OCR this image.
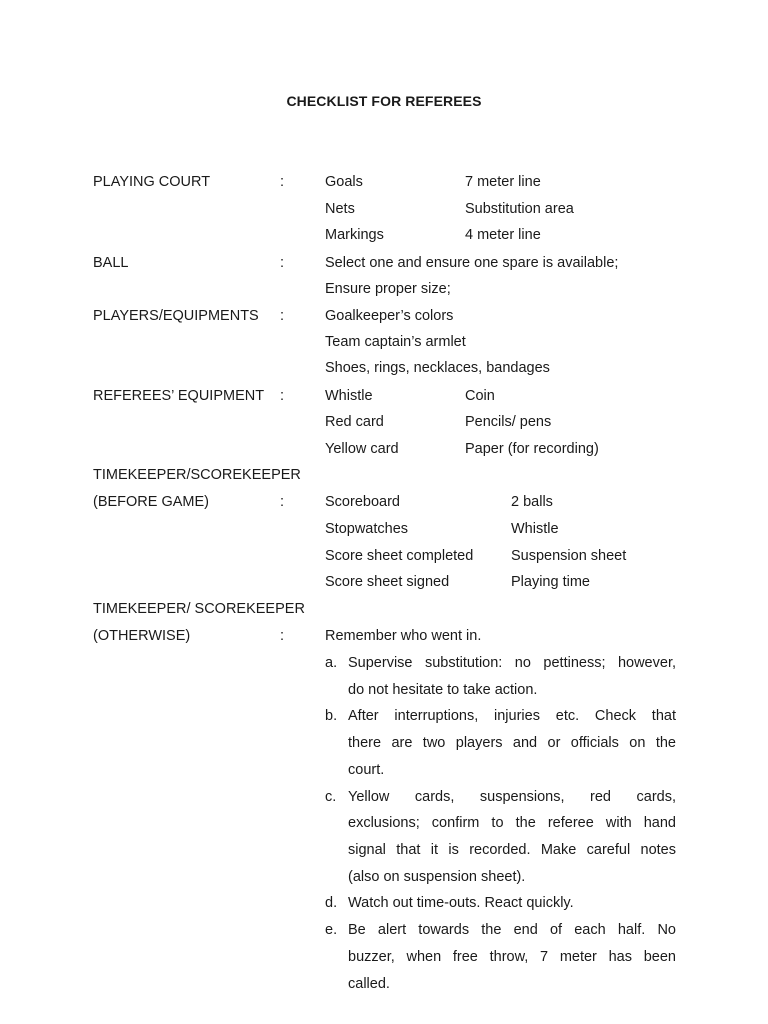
CHECKLIST FOR REFEREES
PLAYING COURT	:	Goals	7 meter line
Nets	Substitution area
Markings	4 meter line
BALL	:	Select one and ensure one spare is available;
Ensure proper size;
PLAYERS/EQUIPMENTS :	Goalkeeper’s colors
Team captain’s armlet
Shoes, rings, necklaces, bandages
REFEREES’ EQUIPMENT :	Whistle	Coin
Red card	Pencils/ pens
Yellow card	Paper (for recording)
TIMEKEEPER/SCOREKEEPER
(BEFORE GAME)	:	Scoreboard	2 balls
Stopwatches	Whistle
Score sheet completed	Suspension sheet
Score sheet signed	Playing time
TIMEKEEPER/ SCOREKEEPER
(OTHERWISE)	:	Remember who went in.
a. Supervise substitution: no pettiness; however,
do not hesitate to take action.
b. After interruptions, injuries etc. Check that
there are two players and or officials on the
court.
c. Yellow cards, suspensions, red cards,
exclusions; confirm to the referee with hand
signal that it is recorded. Make careful notes
(also on suspension sheet).
d. Watch out time-outs. React quickly.
e. Be alert towards the end of each half. No
buzzer, when free throw, 7 meter has been
called.
